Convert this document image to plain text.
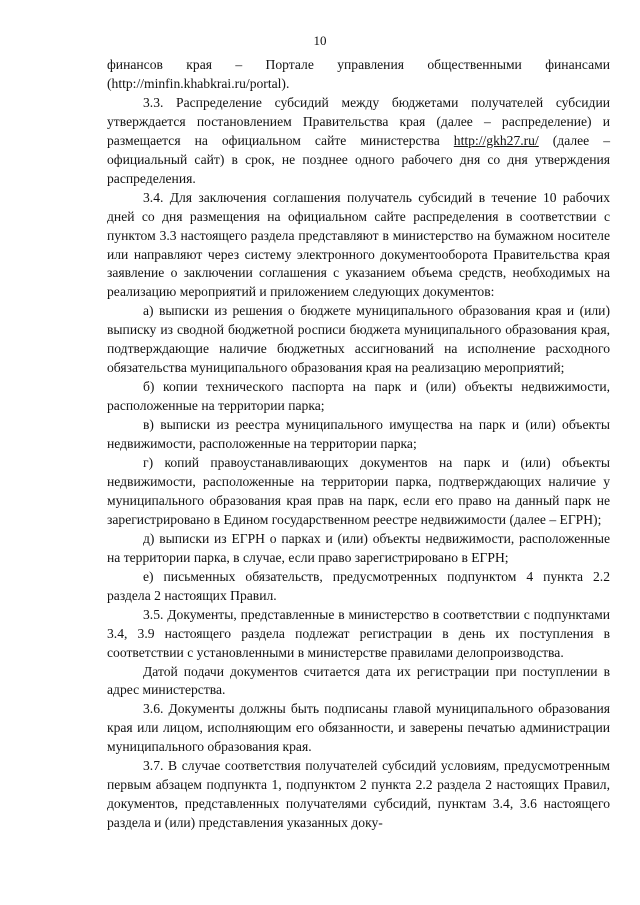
10

финансов края – Портале управления общественными финансами (http://minfin.khabkrai.ru/portal).

3.3. Распределение субсидий между бюджетами получателей субсидии утверждается постановлением Правительства края (далее – распределение) и размещается на официальном сайте министерства http://gkh27.ru/ (далее – официальный сайт) в срок, не позднее одного рабочего дня со дня утверждения распределения.

3.4. Для заключения соглашения получатель субсидий в течение 10 рабочих дней со дня размещения на официальном сайте распределения в соответствии с пунктом 3.3 настоящего раздела представляют в министерство на бумажном носителе или направляют через систему электронного документооборота Правительства края заявление о заключении соглашения с указанием объема средств, необходимых на реализацию мероприятий и приложением следующих документов:

а) выписки из решения о бюджете муниципального образования края и (или) выписку из сводной бюджетной росписи бюджета муниципального образования края, подтверждающие наличие бюджетных ассигнований на исполнение расходного обязательства муниципального образования края на реализацию мероприятий;

б) копии технического паспорта на парк и (или) объекты недвижимости, расположенные на территории парка;

в) выписки из реестра муниципального имущества на парк и (или) объекты недвижимости, расположенные на территории парка;

г) копий правоустанавливающих документов на парк и (или) объекты недвижимости, расположенные на территории парка, подтверждающих наличие у муниципального образования края прав на парк, если его право на данный парк не зарегистрировано в Едином государственном реестре недвижимости (далее – ЕГРН);

д) выписки из ЕГРН о парках и (или) объекты недвижимости, расположенные на территории парка, в случае, если право зарегистрировано в ЕГРН;

е) письменных обязательств, предусмотренных подпунктом 4 пункта 2.2 раздела 2 настоящих Правил.

3.5. Документы, представленные в министерство в соответствии с подпунктами 3.4, 3.9 настоящего раздела подлежат регистрации в день их поступления в соответствии с установленными в министерстве правилами делопроизводства.

Датой подачи документов считается дата их регистрации при поступлении в адрес министерства.

3.6. Документы должны быть подписаны главой муниципального образования края или лицом, исполняющим его обязанности, и заверены печатью администрации муниципального образования края.

3.7. В случае соответствия получателей субсидий условиям, предусмотренным первым абзацем подпункта 1, подпунктом 2 пункта 2.2 раздела 2 настоящих Правил, документов, представленных получателями субсидий, пунктам 3.4, 3.6 настоящего раздела и (или) представления указанных доку-
